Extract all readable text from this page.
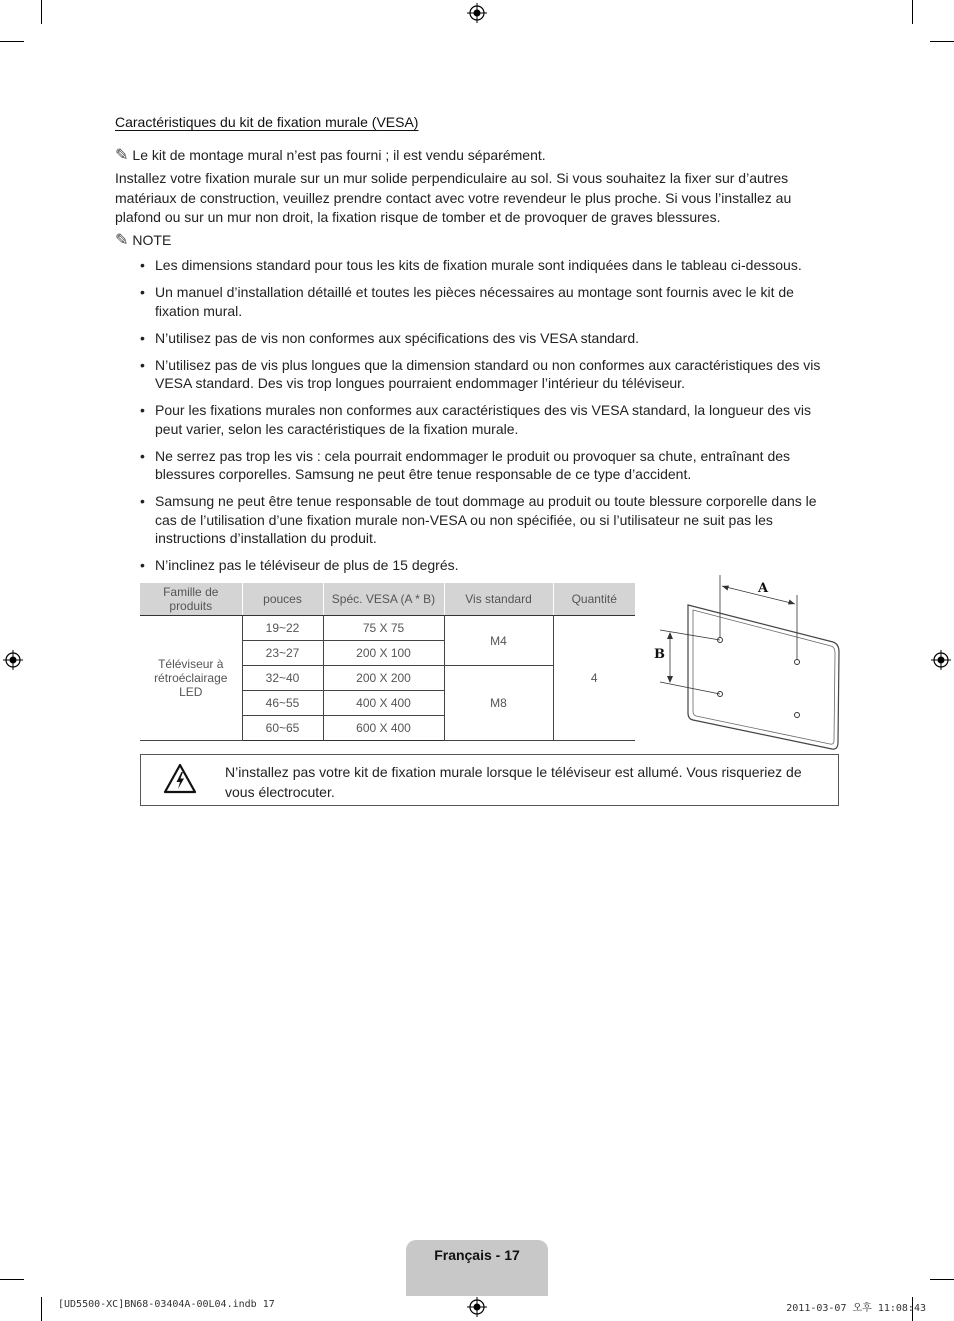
Caractéristiques du kit de fixation murale (VESA)
✎ Le kit de montage mural n’est pas fourni ; il est vendu séparément.
Installez votre fixation murale sur un mur solide perpendiculaire au sol. Si vous souhaitez la fixer sur d’autres matériaux de construction, veuillez prendre contact avec votre revendeur le plus proche. Si vous l’installez au plafond ou sur un mur non droit, la fixation risque de tomber et de provoquer de graves blessures.
✎ NOTE
• Les dimensions standard pour tous les kits de fixation murale sont indiquées dans le tableau ci-dessous.
• Un manuel d’installation détaillé et toutes les pièces nécessaires au montage sont fournis avec le kit de fixation mural.
• N’utilisez pas de vis non conformes aux spécifications des vis VESA standard.
• N’utilisez pas de vis plus longues que la dimension standard ou non conformes aux caractéristiques des vis VESA standard. Des vis trop longues pourraient endommager l’intérieur du téléviseur.
• Pour les fixations murales non conformes aux caractéristiques des vis VESA standard, la longueur des vis peut varier, selon les caractéristiques de la fixation murale.
• Ne serrez pas trop les vis : cela pourrait endommager le produit ou provoquer sa chute, entraînant des blessures corporelles. Samsung ne peut être tenue responsable de ce type d’accident.
• Samsung ne peut être tenue responsable de tout dommage au produit ou toute blessure corporelle dans le cas de l’utilisation d’une fixation murale non-VESA ou non spécifiée, ou si l’utilisateur ne suit pas les instructions d’installation du produit.
• N’inclinez pas le téléviseur de plus de 15 degrés.
Famille de produits	pouces	Spéc. VESA (A * B)	Vis standard	Quantité
Téléviseur à rétroéclairage LED	19~22	75 X 75	M4	4
	23~27	200 X 100		
	32~40	200 X 200	M8	
	46~55	400 X 400		
	60~65	600 X 400		
A
B
N’installez pas votre kit de fixation murale lorsque le téléviseur est allumé. Vous risqueriez de vous électrocuter.
Français - 17
[UD5500-XC]BN68-03404A-00L04.indb 17	2011-03-07 오후 11:08:43
